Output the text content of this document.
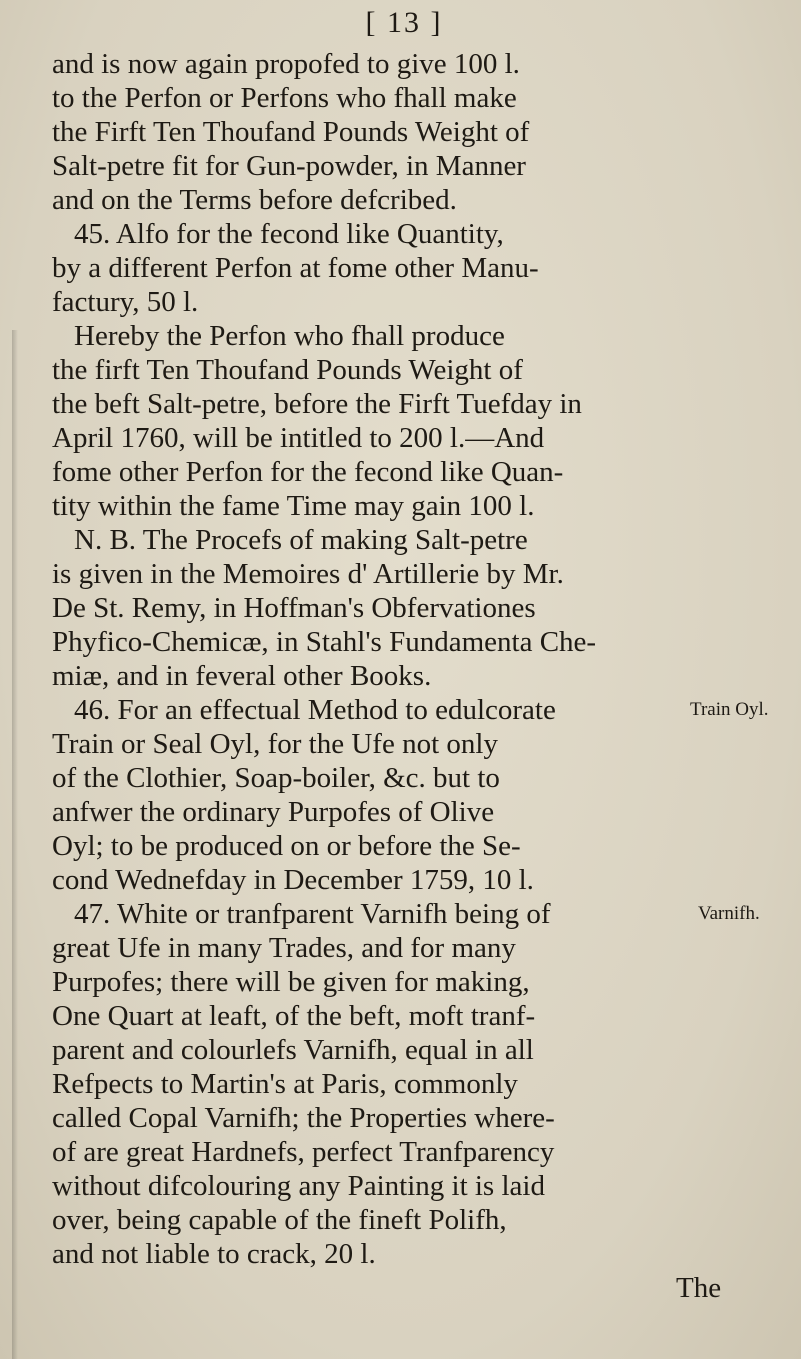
[ 13 ]
and is now again propofed to give 100 l.
to the Perfon or Perfons who fhall make
the Firft Ten Thoufand Pounds Weight of
Salt-petre fit for Gun-powder, in Manner
and on the Terms before defcribed.
45. Alfo for the fecond like Quantity,
by a different Perfon at fome other Manu-
factury, 50 l.
Hereby the Perfon who fhall produce
the firft Ten Thoufand Pounds Weight of
the beft Salt-petre, before the Firft Tuefday in
April 1760, will be intitled to 200 l.—And
fome other Perfon for the fecond like Quan-
tity within the fame Time may gain 100 l.
N. B. The Procefs of making Salt-petre
is given in the Memoires d' Artillerie by Mr.
De St. Remy, in Hoffman's Obfervationes
Phyfico-Chemicæ, in Stahl's Fundamenta Che-
miæ, and in feveral other Books.
46. For an effectual Method to edulcorate
Train or Seal Oyl, for the Ufe not only
of the Clothier, Soap-boiler, &c. but to
anfwer the ordinary Purpofes of Olive
Oyl; to be produced on or before the Se-
cond Wednefday in December 1759, 10 l.
47. White or tranfparent Varnifh being of
great Ufe in many Trades, and for many
Purpofes; there will be given for making,
One Quart at leaft, of the beft, moft tranf-
parent and colourlefs Varnifh, equal in all
Refpects to Martin's at Paris, commonly
called Copal Varnifh; the Properties where-
of are great Hardnefs, perfect Tranfparency
without difcolouring any Painting it is laid
over, being capable of the fineft Polifh,
and not liable to crack, 20 l.
The
Train Oyl.
Varnifh.
